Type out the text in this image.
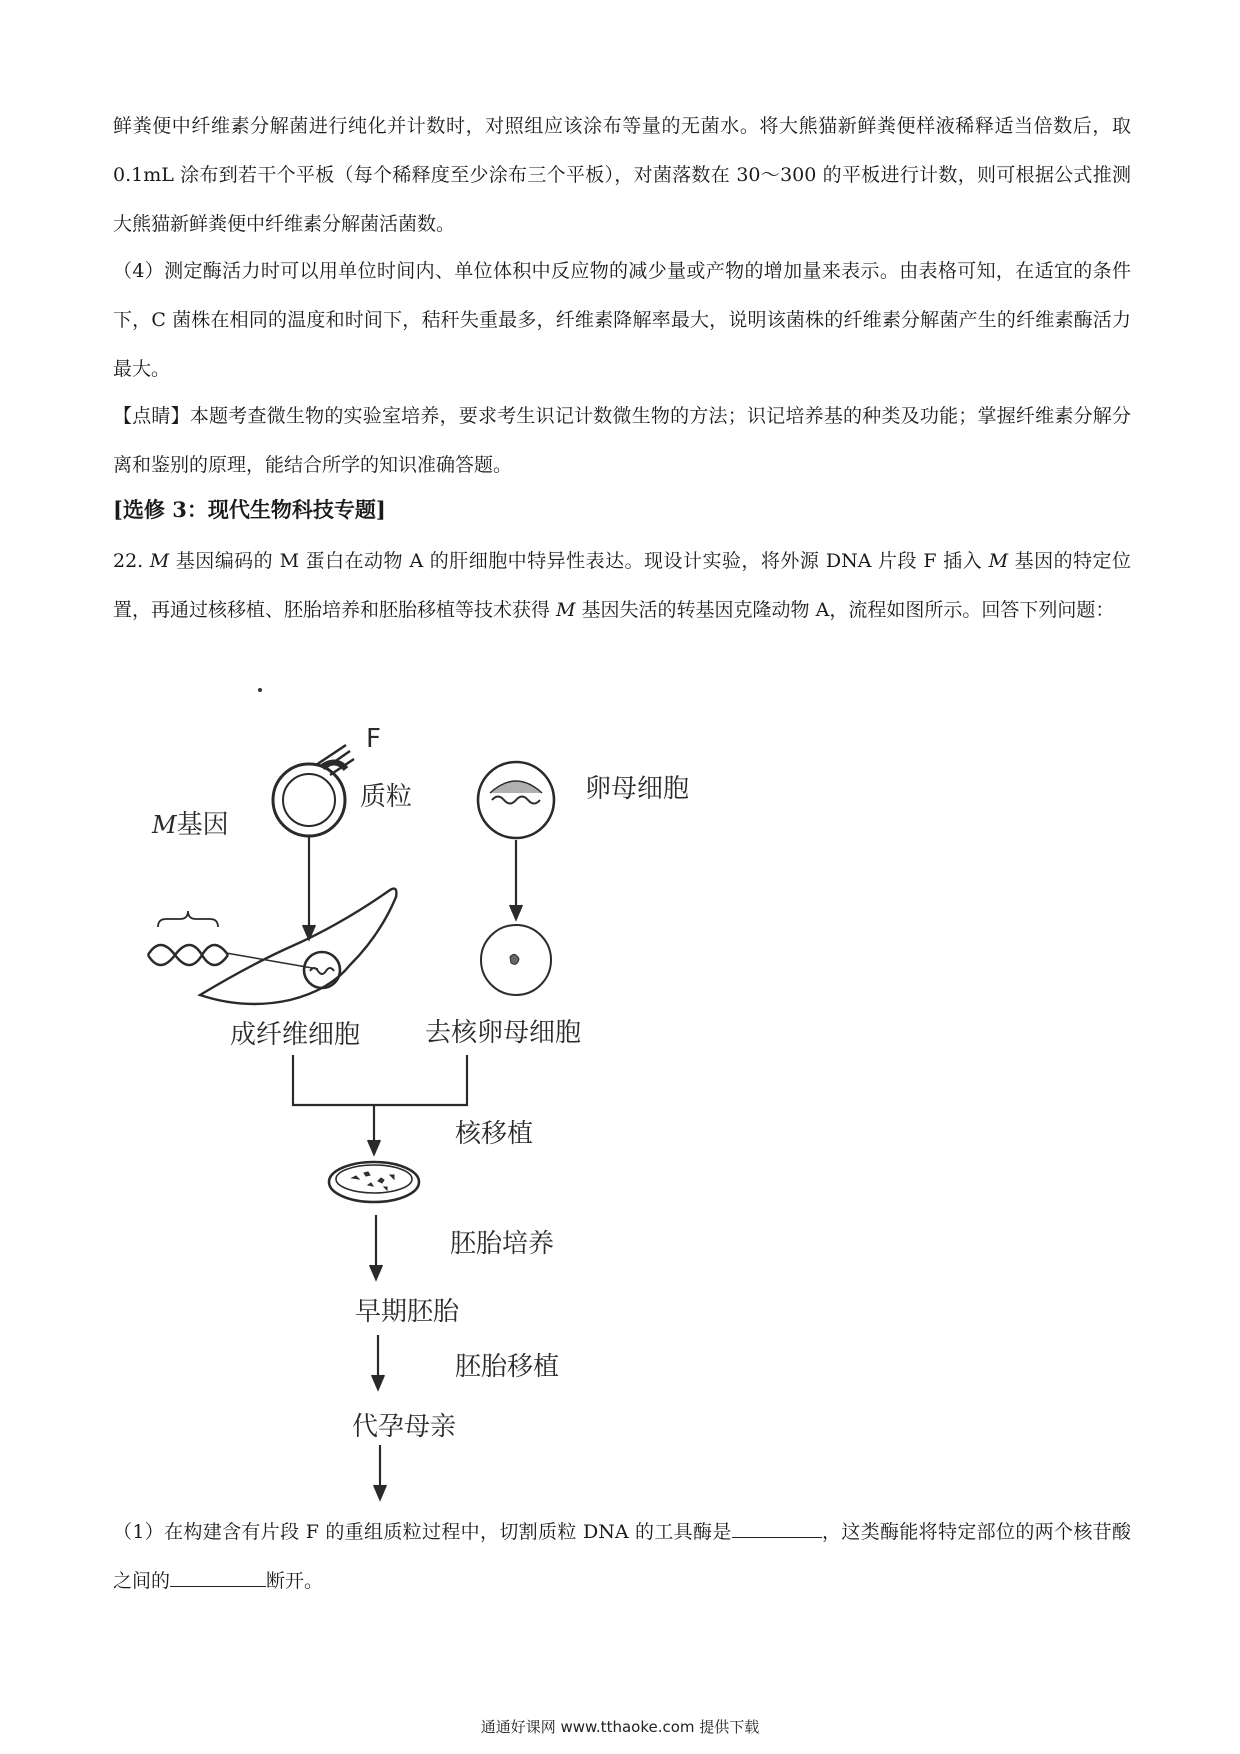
鲜粪便中纤维素分解菌进行纯化并计数时，对照组应该涂布等量的无菌水。将大熊猫新鲜粪便样液稀释适当倍数后，取 0.1mL 涂布到若干个平板（每个稀释度至少涂布三个平板），对菌落数在 30～300 的平板进行计数，则可根据公式推测大熊猫新鲜粪便中纤维素分解菌活菌数。

（4）测定酶活力时可以用单位时间内、单位体积中反应物的减少量或产物的增加量来表示。由表格可知，在适宜的条件下，C 菌株在相同的温度和时间下，秸秆失重最多，纤维素降解率最大，说明该菌株的纤维素分解菌产生的纤维素酶活力最大。

【点睛】本题考查微生物的实验室培养，要求考生识记计数微生物的方法；识记培养基的种类及功能；掌握纤维素分解分离和鉴别的原理，能结合所学的知识准确答题。

[选修 3：现代生物科技专题]

22. M 基因编码的 M 蛋白在动物 A 的肝细胞中特异性表达。现设计实验，将外源 DNA 片段 F 插入 M 基因的特定位置，再通过核移植、胚胎培养和胚胎移植等技术获得 M 基因失活的转基因克隆动物 A，流程如图所示。回答下列问题：

F
质粒	卵母细胞
M基因
成纤维细胞 去核卵母细胞
核移植
胚胎培养
早期胚胎
胚胎移植
代孕母亲

（1）在构建含有片段 F 的重组质粒过程中，切割质粒 DNA 的工具酶是	，这类酶能将特定部位的两个核苷酸之间的	断开。

通通好课网 www.tthaoke.com 提供下载
